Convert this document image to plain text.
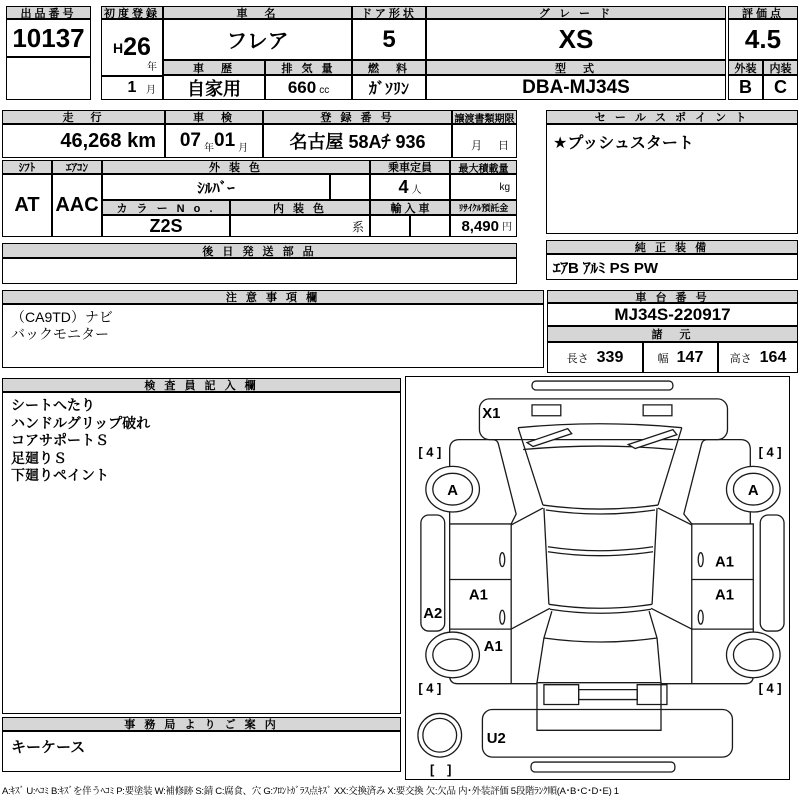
出品番号
10137
初度登録
H 26
年
1 月
車　名
フレア
ドア形状
5
グ レ ー ド
XS
評価点
4.5
車　歴
自家用
排 気 量
660 cc
燃　料
ｶﾞｿﾘﾝ
型　式
DBA-MJ34S
外装	内装
B	C
走　行
46,268 km
車　検
07 年 01 月
登 録 番 号
名古屋 58Aﾁ 936
譲渡書類期限
月 日
ｼﾌﾄ	ｴｱｺﾝ
AT AAC
外 装 色
ｼﾙﾊﾞｰ
乗車定員
4 人
最大積載量
kg
カ ラ ー N o .
Z2S
内 装 色
系
輸 入 車	ﾘｻｲｸﾙ預託金
8,490 円
後 日 発 送 部 品
セ ー ル ス ポ イ ン ト
★プッシュスタート
純 正 装 備
ｴｱB ｱﾙﾐ PS PW
注 意 事 項 欄
（CA9TD）ナビ
バックモニター
車 台 番 号
MJ34S-220917
諸　元
長さ 339	幅 147 高さ 164
検 査 員 記 入 欄
シートへたり
ハンドルグリップ破れ
コアサポートＳ
足廻りＳ
下廻りペイント
事 務 局 よ り ご 案 内
キーケース
X1
[ 4 ]	[ 4 ]
A	A
A1
A1	A1
A2
A1
[ 4 ]	[ 4 ]
U2
[　]
A:ｷｽﾞ U:ﾍｺﾐ B:ｷｽﾞを伴うﾍｺﾐ P:要塗装 W:補修跡 S:錆 C:腐食、穴 G:ﾌﾛﾝﾄｶﾞﾗｽ点ｷｽﾞ XX:交換済み X:要交換 欠:欠品 内･外装評価 5段階ﾗﾝｸ順(A･B･C･D･E) 1
